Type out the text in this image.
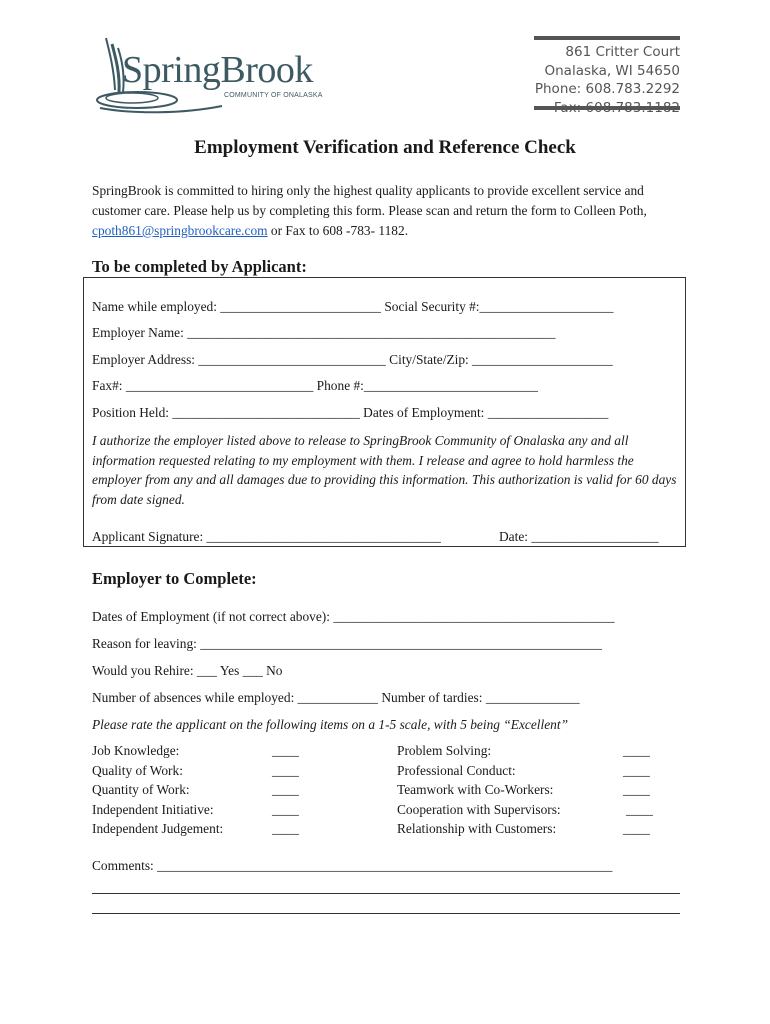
SpringBrook
COMMUNITY OF ONALASKA
861 Critter Court
Onalaska, WI 54650
Phone: 608.783.2292
Fax: 608.783.1182
Employment Verification and Reference Check
SpringBrook is committed to hiring only the highest quality applicants to provide excellent service and customer care. Please help us by completing this form. Please scan and return the form to Colleen Poth, cpoth861@springbrookcare.com or Fax to 608 -783- 1182.
To be completed by Applicant:
Name while employed: ________________________ Social Security #:____________________
Employer Name: _______________________________________________________
Employer Address: ____________________________ City/State/Zip: _____________________
Fax#: ____________________________ Phone #:__________________________
Position Held: ____________________________ Dates of Employment: __________________
I authorize the employer listed above to release to SpringBrook Community of Onalaska any and all information requested relating to my employment with them. I release and agree to hold harmless the employer from any and all damages due to providing this information. This authorization is valid for 60 days from date signed.
Applicant Signature: ___________________________________	Date: ___________________
Employer to Complete:
Dates of Employment (if not correct above): __________________________________________
Reason for leaving: ____________________________________________________________
Would you Rehire: ___ Yes ___ No
Number of absences while employed: ____________ Number of tardies: ______________
Please rate the applicant on the following items on a 1-5 scale, with 5 being “Excellent”
Job Knowledge:
Quality of Work:
Quantity of Work:
Independent Initiative:
Independent Judgement:
____
____
____
____
____
Problem Solving:
Professional Conduct:
Teamwork with Co-Workers:
Cooperation with Supervisors:
Relationship with Customers:
____
____
____
____
____
Comments: ____________________________________________________________________
